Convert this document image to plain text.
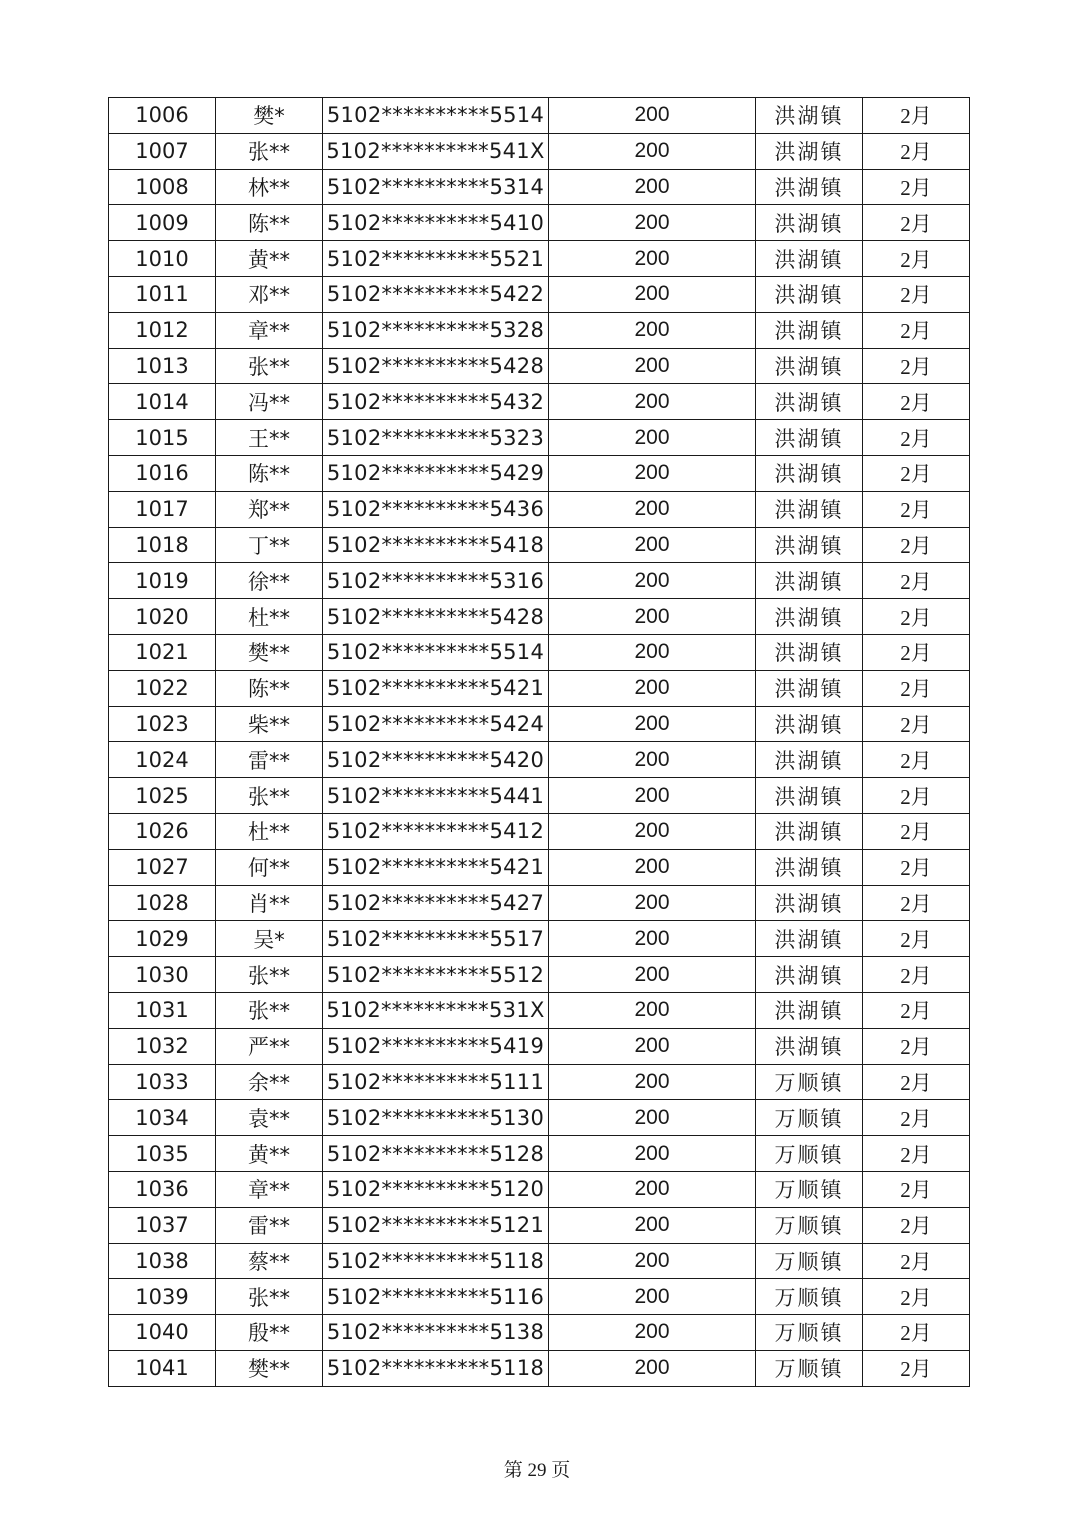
1006	樊*	5102**********5514	200	洪湖镇	2月
1007	张**	5102**********541X	200	洪湖镇	2月
1008	林**	5102**********5314	200	洪湖镇	2月
1009	陈**	5102**********5410	200	洪湖镇	2月
1010	黄**	5102**********5521	200	洪湖镇	2月
1011	邓**	5102**********5422	200	洪湖镇	2月
1012	章**	5102**********5328	200	洪湖镇	2月
1013	张**	5102**********5428	200	洪湖镇	2月
1014	冯**	5102**********5432	200	洪湖镇	2月
1015	王**	5102**********5323	200	洪湖镇	2月
1016	陈**	5102**********5429	200	洪湖镇	2月
1017	郑**	5102**********5436	200	洪湖镇	2月
1018	丁**	5102**********5418	200	洪湖镇	2月
1019	徐**	5102**********5316	200	洪湖镇	2月
1020	杜**	5102**********5428	200	洪湖镇	2月
1021	樊**	5102**********5514	200	洪湖镇	2月
1022	陈**	5102**********5421	200	洪湖镇	2月
1023	柴**	5102**********5424	200	洪湖镇	2月
1024	雷**	5102**********5420	200	洪湖镇	2月
1025	张**	5102**********5441	200	洪湖镇	2月
1026	杜**	5102**********5412	200	洪湖镇	2月
1027	何**	5102**********5421	200	洪湖镇	2月
1028	肖**	5102**********5427	200	洪湖镇	2月
1029	吴*	5102**********5517	200	洪湖镇	2月
1030	张**	5102**********5512	200	洪湖镇	2月
1031	张**	5102**********531X	200	洪湖镇	2月
1032	严**	5102**********5419	200	洪湖镇	2月
1033	余**	5102**********5111	200	万顺镇	2月
1034	袁**	5102**********5130	200	万顺镇	2月
1035	黄**	5102**********5128	200	万顺镇	2月
1036	章**	5102**********5120	200	万顺镇	2月
1037	雷**	5102**********5121	200	万顺镇	2月
1038	蔡**	5102**********5118	200	万顺镇	2月
1039	张**	5102**********5116	200	万顺镇	2月
1040	殷**	5102**********5138	200	万顺镇	2月
1041	樊**	5102**********5118	200	万顺镇	2月
第 29 页
